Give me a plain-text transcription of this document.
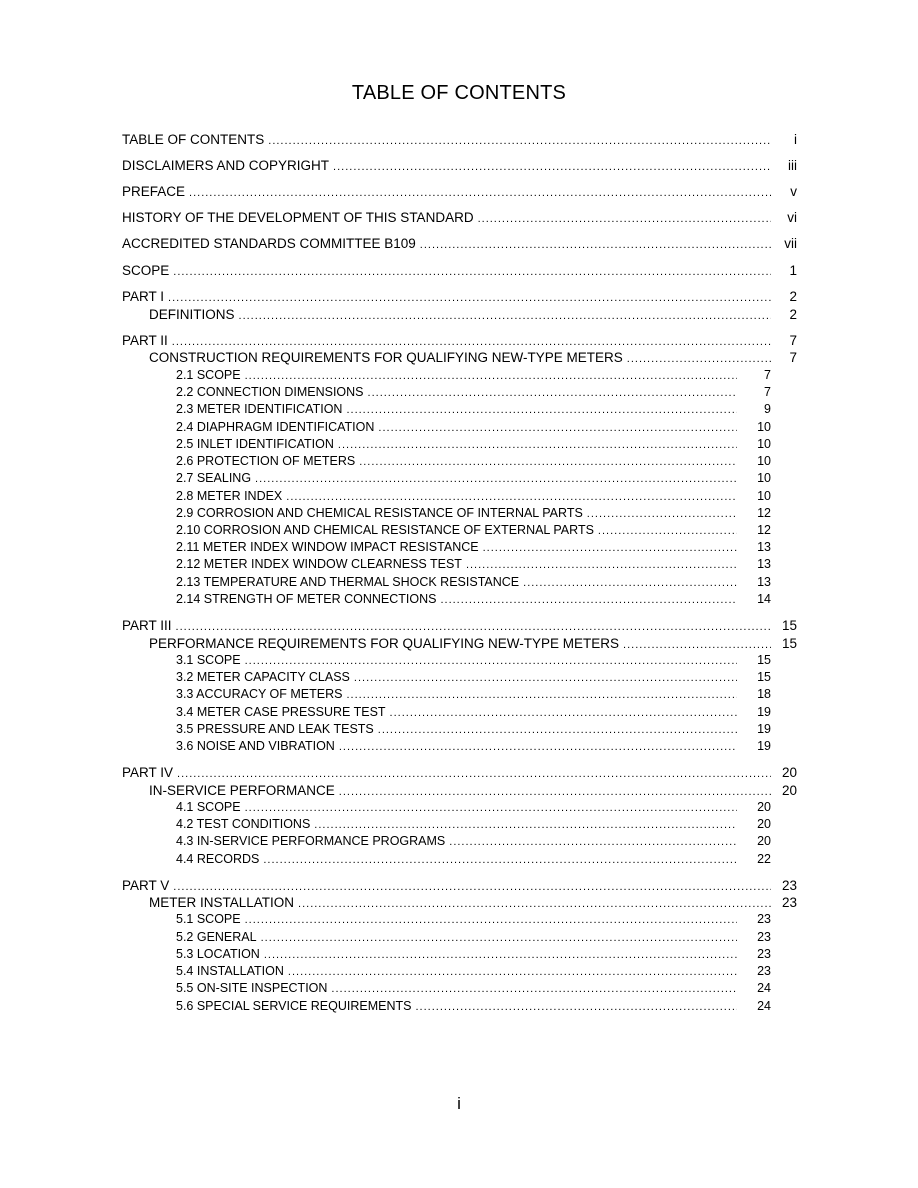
TABLE OF CONTENTS
TABLE OF CONTENTS .....	i
DISCLAIMERS AND COPYRIGHT .....	iii
PREFACE .....	v
HISTORY OF THE DEVELOPMENT OF THIS STANDARD .....	vi
ACCREDITED STANDARDS COMMITTEE B109 .....	vii
SCOPE .....	1
PART I .....	2
DEFINITIONS .....	2
PART II .....	7
CONSTRUCTION REQUIREMENTS FOR QUALIFYING NEW-TYPE METERS .....	7
2.1 SCOPE .....	7
2.2 CONNECTION DIMENSIONS .....	7
2.3 METER IDENTIFICATION .....	9
2.4 DIAPHRAGM IDENTIFICATION .....	10
2.5 INLET IDENTIFICATION .....	10
2.6 PROTECTION OF METERS .....	10
2.7 SEALING .....	10
2.8 METER INDEX .....	10
2.9 CORROSION AND CHEMICAL RESISTANCE OF INTERNAL PARTS .....	12
2.10 CORROSION AND CHEMICAL RESISTANCE OF EXTERNAL PARTS .....	12
2.11 METER INDEX WINDOW IMPACT RESISTANCE .....	13
2.12 METER INDEX WINDOW CLEARNESS TEST .....	13
2.13 TEMPERATURE AND THERMAL SHOCK RESISTANCE .....	13
2.14 STRENGTH OF METER CONNECTIONS .....	14
PART III .....	15
PERFORMANCE REQUIREMENTS FOR QUALIFYING NEW-TYPE METERS .....	15
3.1 SCOPE .....	15
3.2 METER CAPACITY CLASS .....	15
3.3 ACCURACY OF METERS .....	18
3.4 METER CASE PRESSURE TEST .....	19
3.5 PRESSURE AND LEAK TESTS .....	19
3.6 NOISE AND VIBRATION .....	19
PART IV .....	20
IN-SERVICE PERFORMANCE .....	20
4.1 SCOPE .....	20
4.2 TEST CONDITIONS .....	20
4.3 IN-SERVICE PERFORMANCE PROGRAMS .....	20
4.4 RECORDS .....	22
PART V .....	23
METER INSTALLATION .....	23
5.1 SCOPE .....	23
5.2 GENERAL .....	23
5.3 LOCATION .....	23
5.4 INSTALLATION .....	23
5.5 ON-SITE INSPECTION .....	24
5.6 SPECIAL SERVICE REQUIREMENTS .....	24
i
